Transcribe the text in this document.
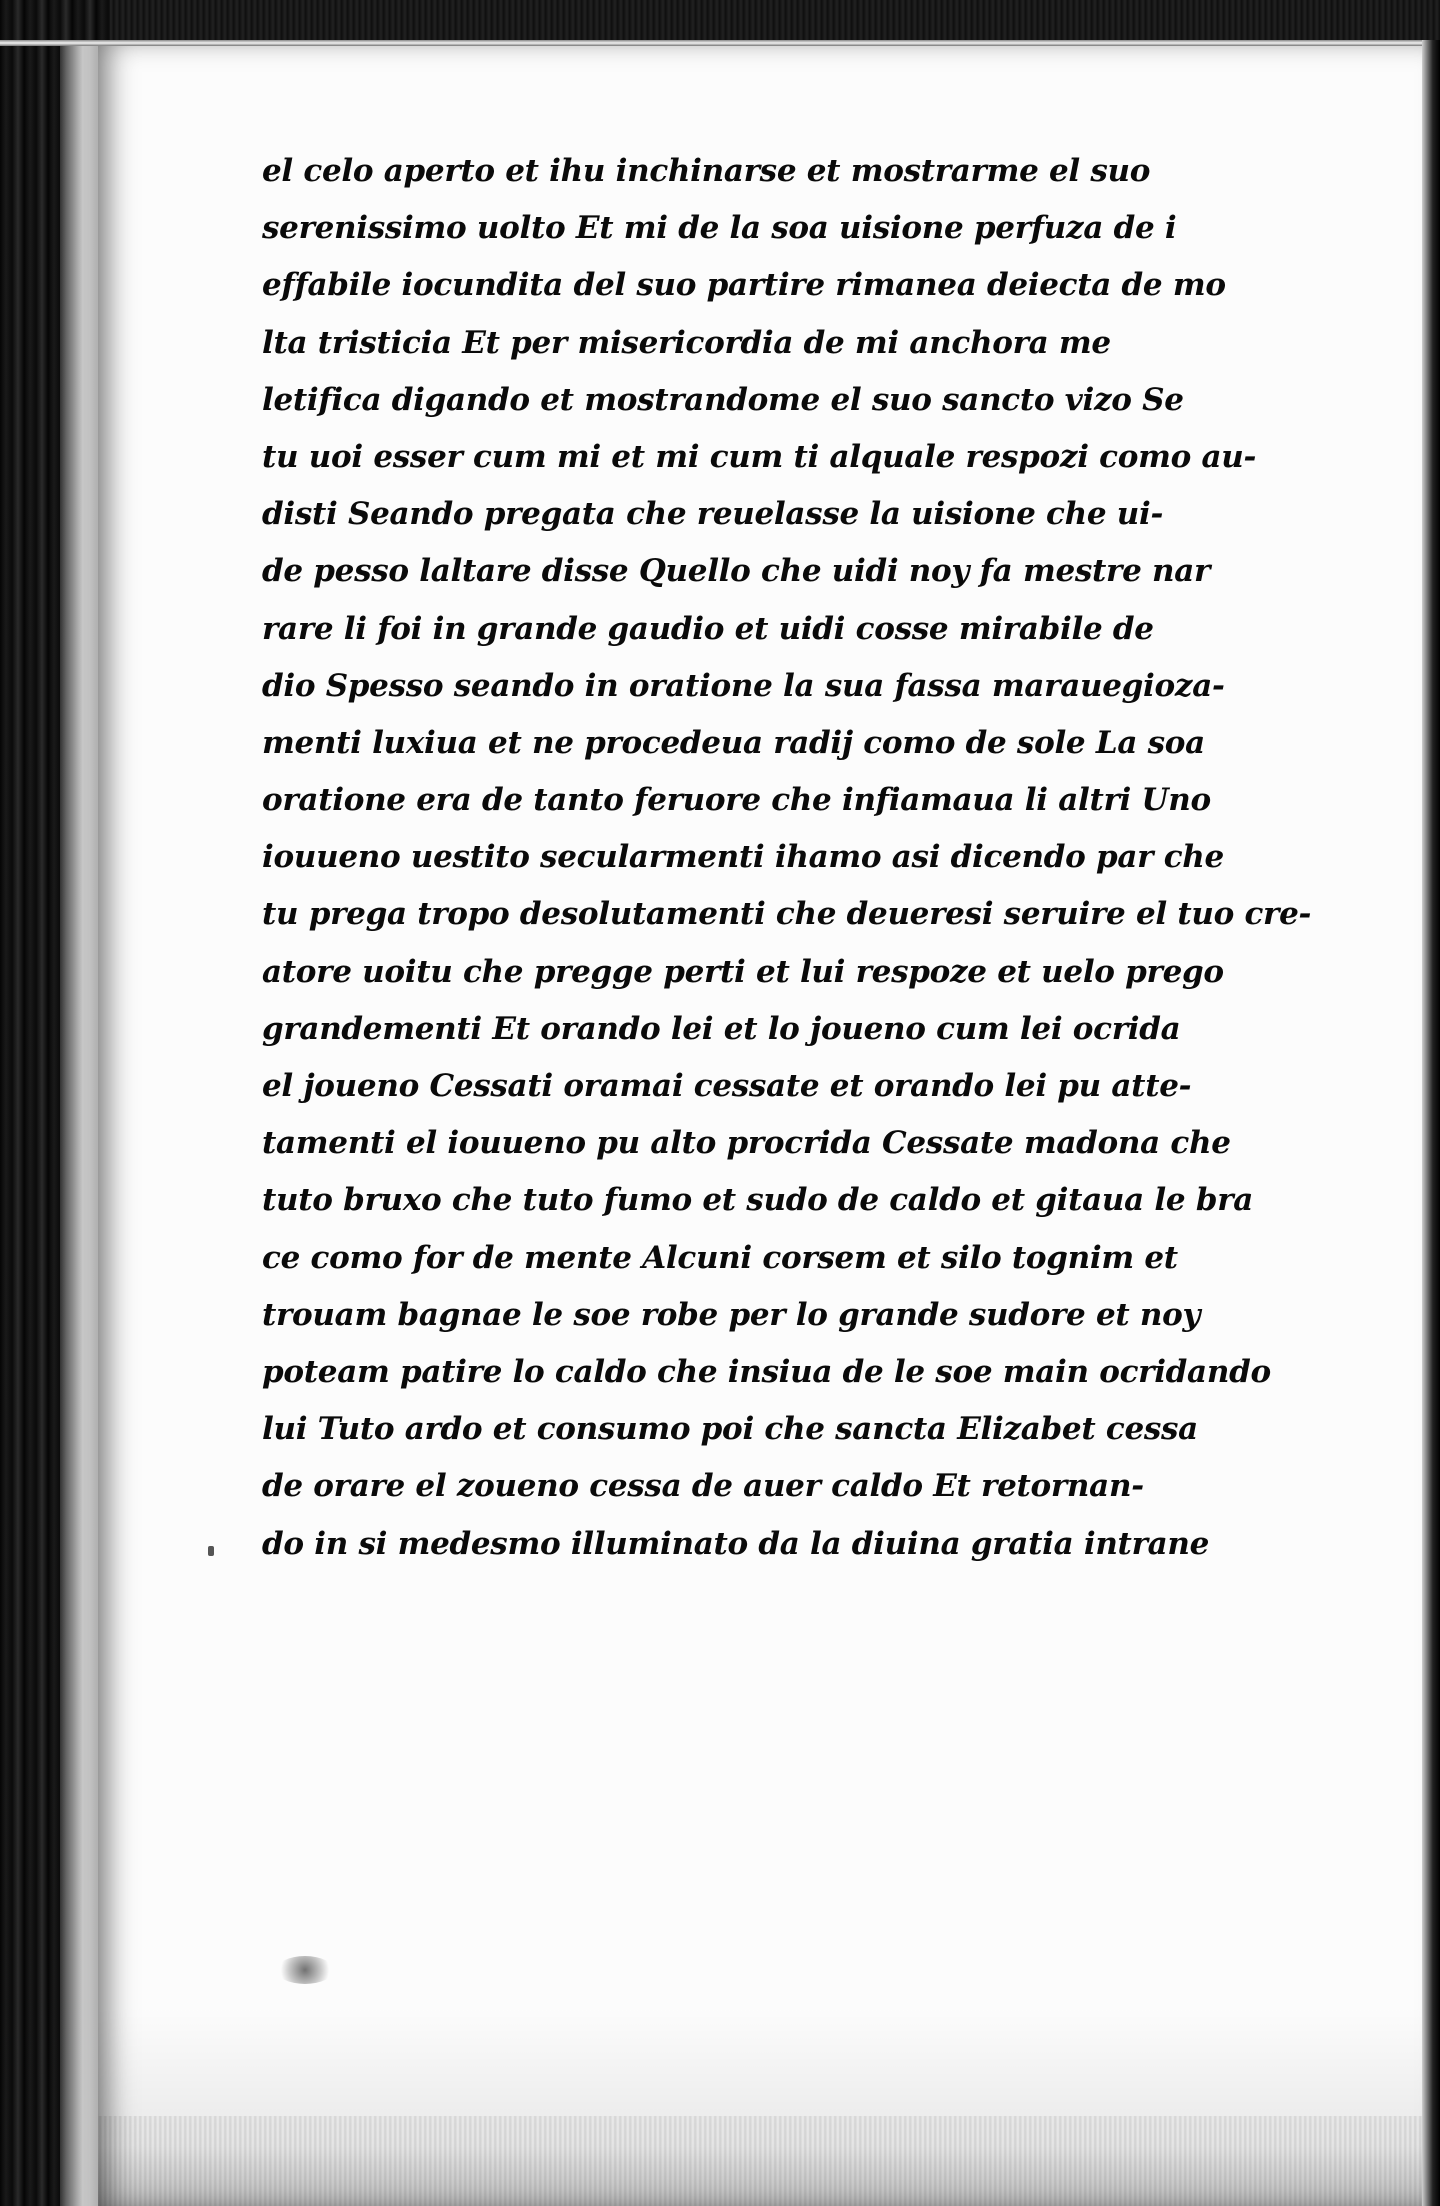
el celo aperto et ihu inchinarse et mostrarme el suo
serenissimo uolto Et mi de la soa uisione perfuza de i
effabile iocundita del suo partire rimanea deiecta de mo
lta tristicia Et per misericordia de mi anchora me
letifica digando et mostrandome el suo sancto vizo Se
tu uoi esser cum mi et mi cum ti alquale respozi como au-
disti Seando pregata che reuelasse la uisione che ui-
de pesso laltare disse Quello che uidi noy fa mestre nar
rare li foi in grande gaudio et uidi cosse mirabile de
dio Spesso seando in oratione la sua fassa marauegioza-
menti luxiua et ne procedeua radij como de sole La soa
oratione era de tanto feruore che infiamaua li altri Uno
iouueno uestito secularmenti ihamo asi dicendo par che
tu prega tropo desolutamenti che deueresi seruire el tuo cre-
atore uoitu che pregge perti et lui respoze et uelo prego
grandementi Et orando lei et lo joueno cum lei ocrida
el joueno Cessati oramai cessate et orando lei pu atte-
tamenti el iouueno pu alto procrida Cessate madona che
tuto bruxo che tuto fumo et sudo de caldo et gitaua le bra
ce como for de mente Alcuni corsem et silo tognim et
trouam bagnae le soe robe per lo grande sudore et noy
poteam patire lo caldo che insiua de le soe main ocridando
lui Tuto ardo et consumo poi che sancta Elizabet cessa
de orare el zoueno cessa de auer caldo Et retornan-
do in si medesmo illuminato da la diuina gratia intrane
